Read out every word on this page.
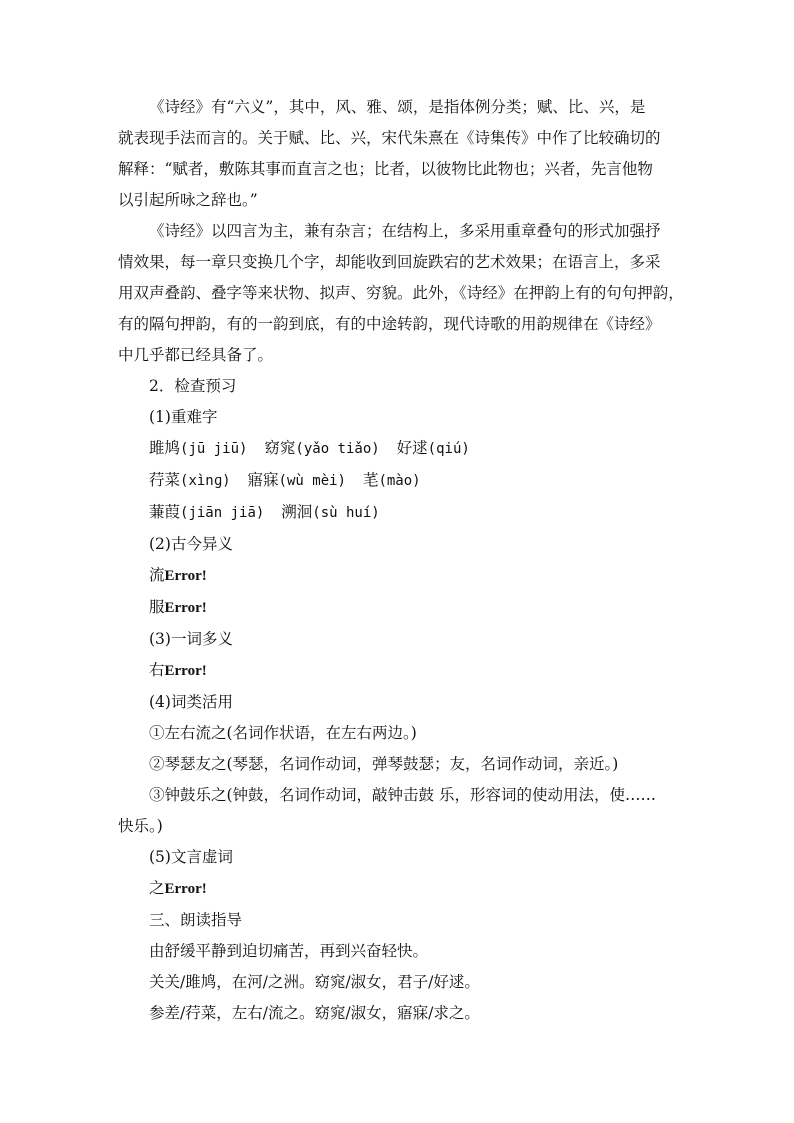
《诗经》有“六义”，其中，风、雅、颂，是指体例分类；赋、比、兴，是

就表现手法而言的。关于赋、比、兴，宋代朱熹在《诗集传》中作了比较确切的

解释：“赋者，敷陈其事而直言之也；比者，以彼物比此物也；兴者，先言他物

以引起所咏之辞也。”

《诗经》以四言为主，兼有杂言；在结构上，多采用重章叠句的形式加强抒

情效果，每一章只变换几个字，却能收到回旋跌宕的艺术效果；在语言上，多采

用双声叠韵、叠字等来状物、拟声、穷貌。此外，《诗经》在押韵上有的句句押韵，

有的隔句押韵，有的一韵到底，有的中途转韵，现代诗歌的用韵规律在《诗经》

中几乎都已经具备了。

2．检查预习

(1)重难字

雎鸠(jū jiū) 窈窕(yǎo tiǎo) 好逑(qiú)

荇菜(xìnɡ) 寤寐(wù mèi) 芼(mào)

蒹葭(jiān jiā) 溯洄(sù huí)

(2)古今异义

流Error!

服Error!

(3)一词多义

右Error!

(4)词类活用

①左右流之(名词作状语，在左右两边。)

②琴瑟友之(琴瑟，名词作动词，弹琴鼓瑟；友，名词作动词，亲近。)

③钟鼓乐之(钟鼓，名词作动词，敲钟击鼓 乐，形容词的使动用法，使……

快乐。)

(5)文言虚词

之Error!

三、朗读指导

由舒缓平静到迫切痛苦，再到兴奋轻快。

关关/雎鸠，在河/之洲。窈窕/淑女，君子/好逑。

参差/荇菜，左右/流之。窈窕/淑女，寤寐/求之。
